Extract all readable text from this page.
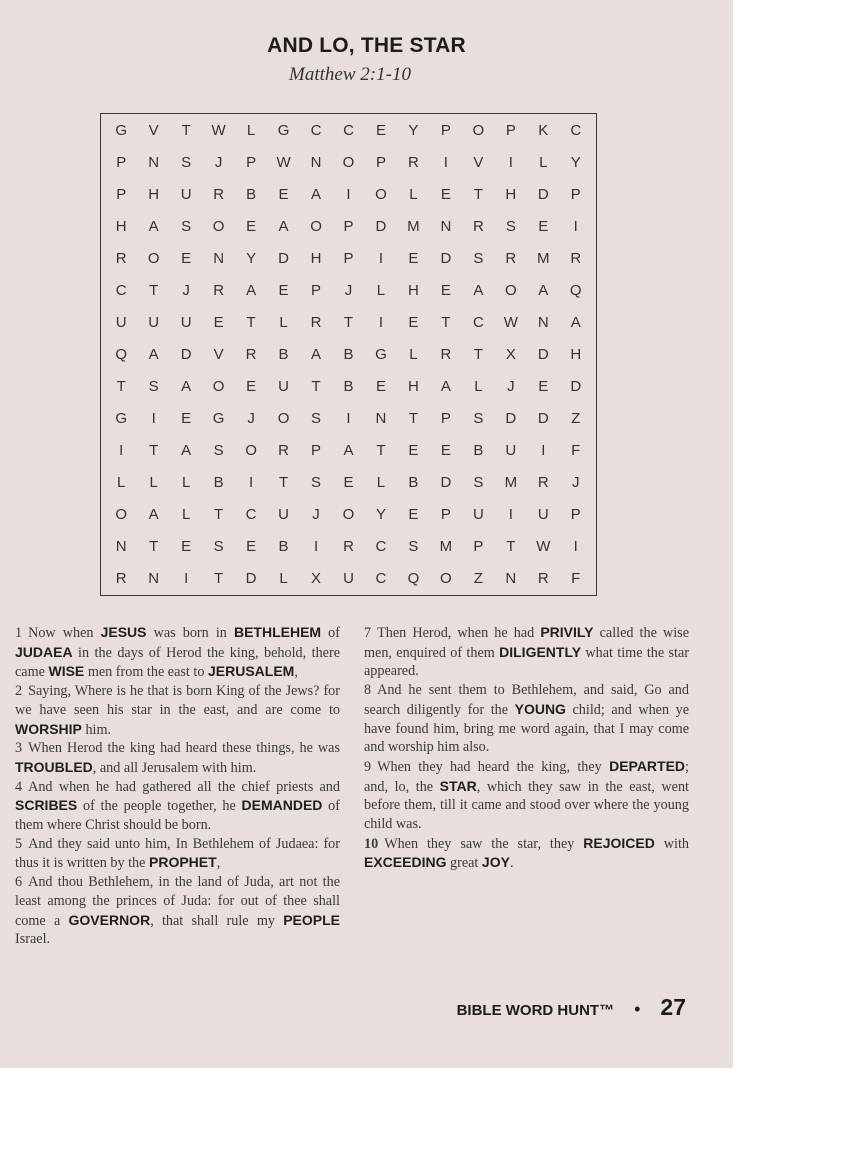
AND LO, THE STAR
Matthew 2:1-10
G	V	T	W	L	G	C	C	E	Y	P	O	P	K	C
P	N	S	J	P	W	N	O	P	R	I	V	I	L	Y
P	H	U	R	B	E	A	I	O	L	E	T	H	D	P
H	A	S	O	E	A	O	P	D	M	N	R	S	E	I
R	O	E	N	Y	D	H	P	I	E	D	S	R	M	R
C	T	J	R	A	E	P	J	L	H	E	A	O	A	Q
U	U	U	E	T	L	R	T	I	E	T	C	W	N	A
Q	A	D	V	R	B	A	B	G	L	R	T	X	D	H
T	S	A	O	E	U	T	B	E	H	A	L	J	E	D
G	I	E	G	J	O	S	I	N	T	P	S	D	D	Z
I	T	A	S	O	R	P	A	T	E	E	B	U	I	F
L	L	L	B	I	T	S	E	L	B	D	S	M	R	J
O	A	L	T	C	U	J	O	Y	E	P	U	I	U	P
N	T	E	S	E	B	I	R	C	S	M	P	T	W	I
R	N	I	T	D	L	X	U	C	Q	O	Z	N	R	F
1 Now when JESUS was born in BETHLEHEM of JUDAEA in the days of Herod the king, behold, there came WISE men from the east to JERUSALEM,
2 Saying, Where is he that is born King of the Jews? for we have seen his star in the east, and are come to WORSHIP him.
3 When Herod the king had heard these things, he was TROUBLED, and all Jerusalem with him.
4 And when he had gathered all the chief priests and SCRIBES of the people together, he DEMANDED of them where Christ should be born.
5 And they said unto him, In Bethlehem of Judaea: for thus it is written by the PROPHET,
6 And thou Bethlehem, in the land of Juda, art not the least among the princes of Juda: for out of thee shall come a GOVERNOR, that shall rule my PEOPLE Israel.
7 Then Herod, when he had PRIVILY called the wise men, enquired of them DILIGENTLY what time the star appeared.
8 And he sent them to Bethlehem, and said, Go and search diligently for the YOUNG child; and when ye have found him, bring me word again, that I may come and worship him also.
9 When they had heard the king, they DEPARTED; and, lo, the STAR, which they saw in the east, went before them, till it came and stood over where the young child was.
10 When they saw the star, they REJOICED with EXCEEDING great JOY.
BIBLE WORD HUNT™ • 27
